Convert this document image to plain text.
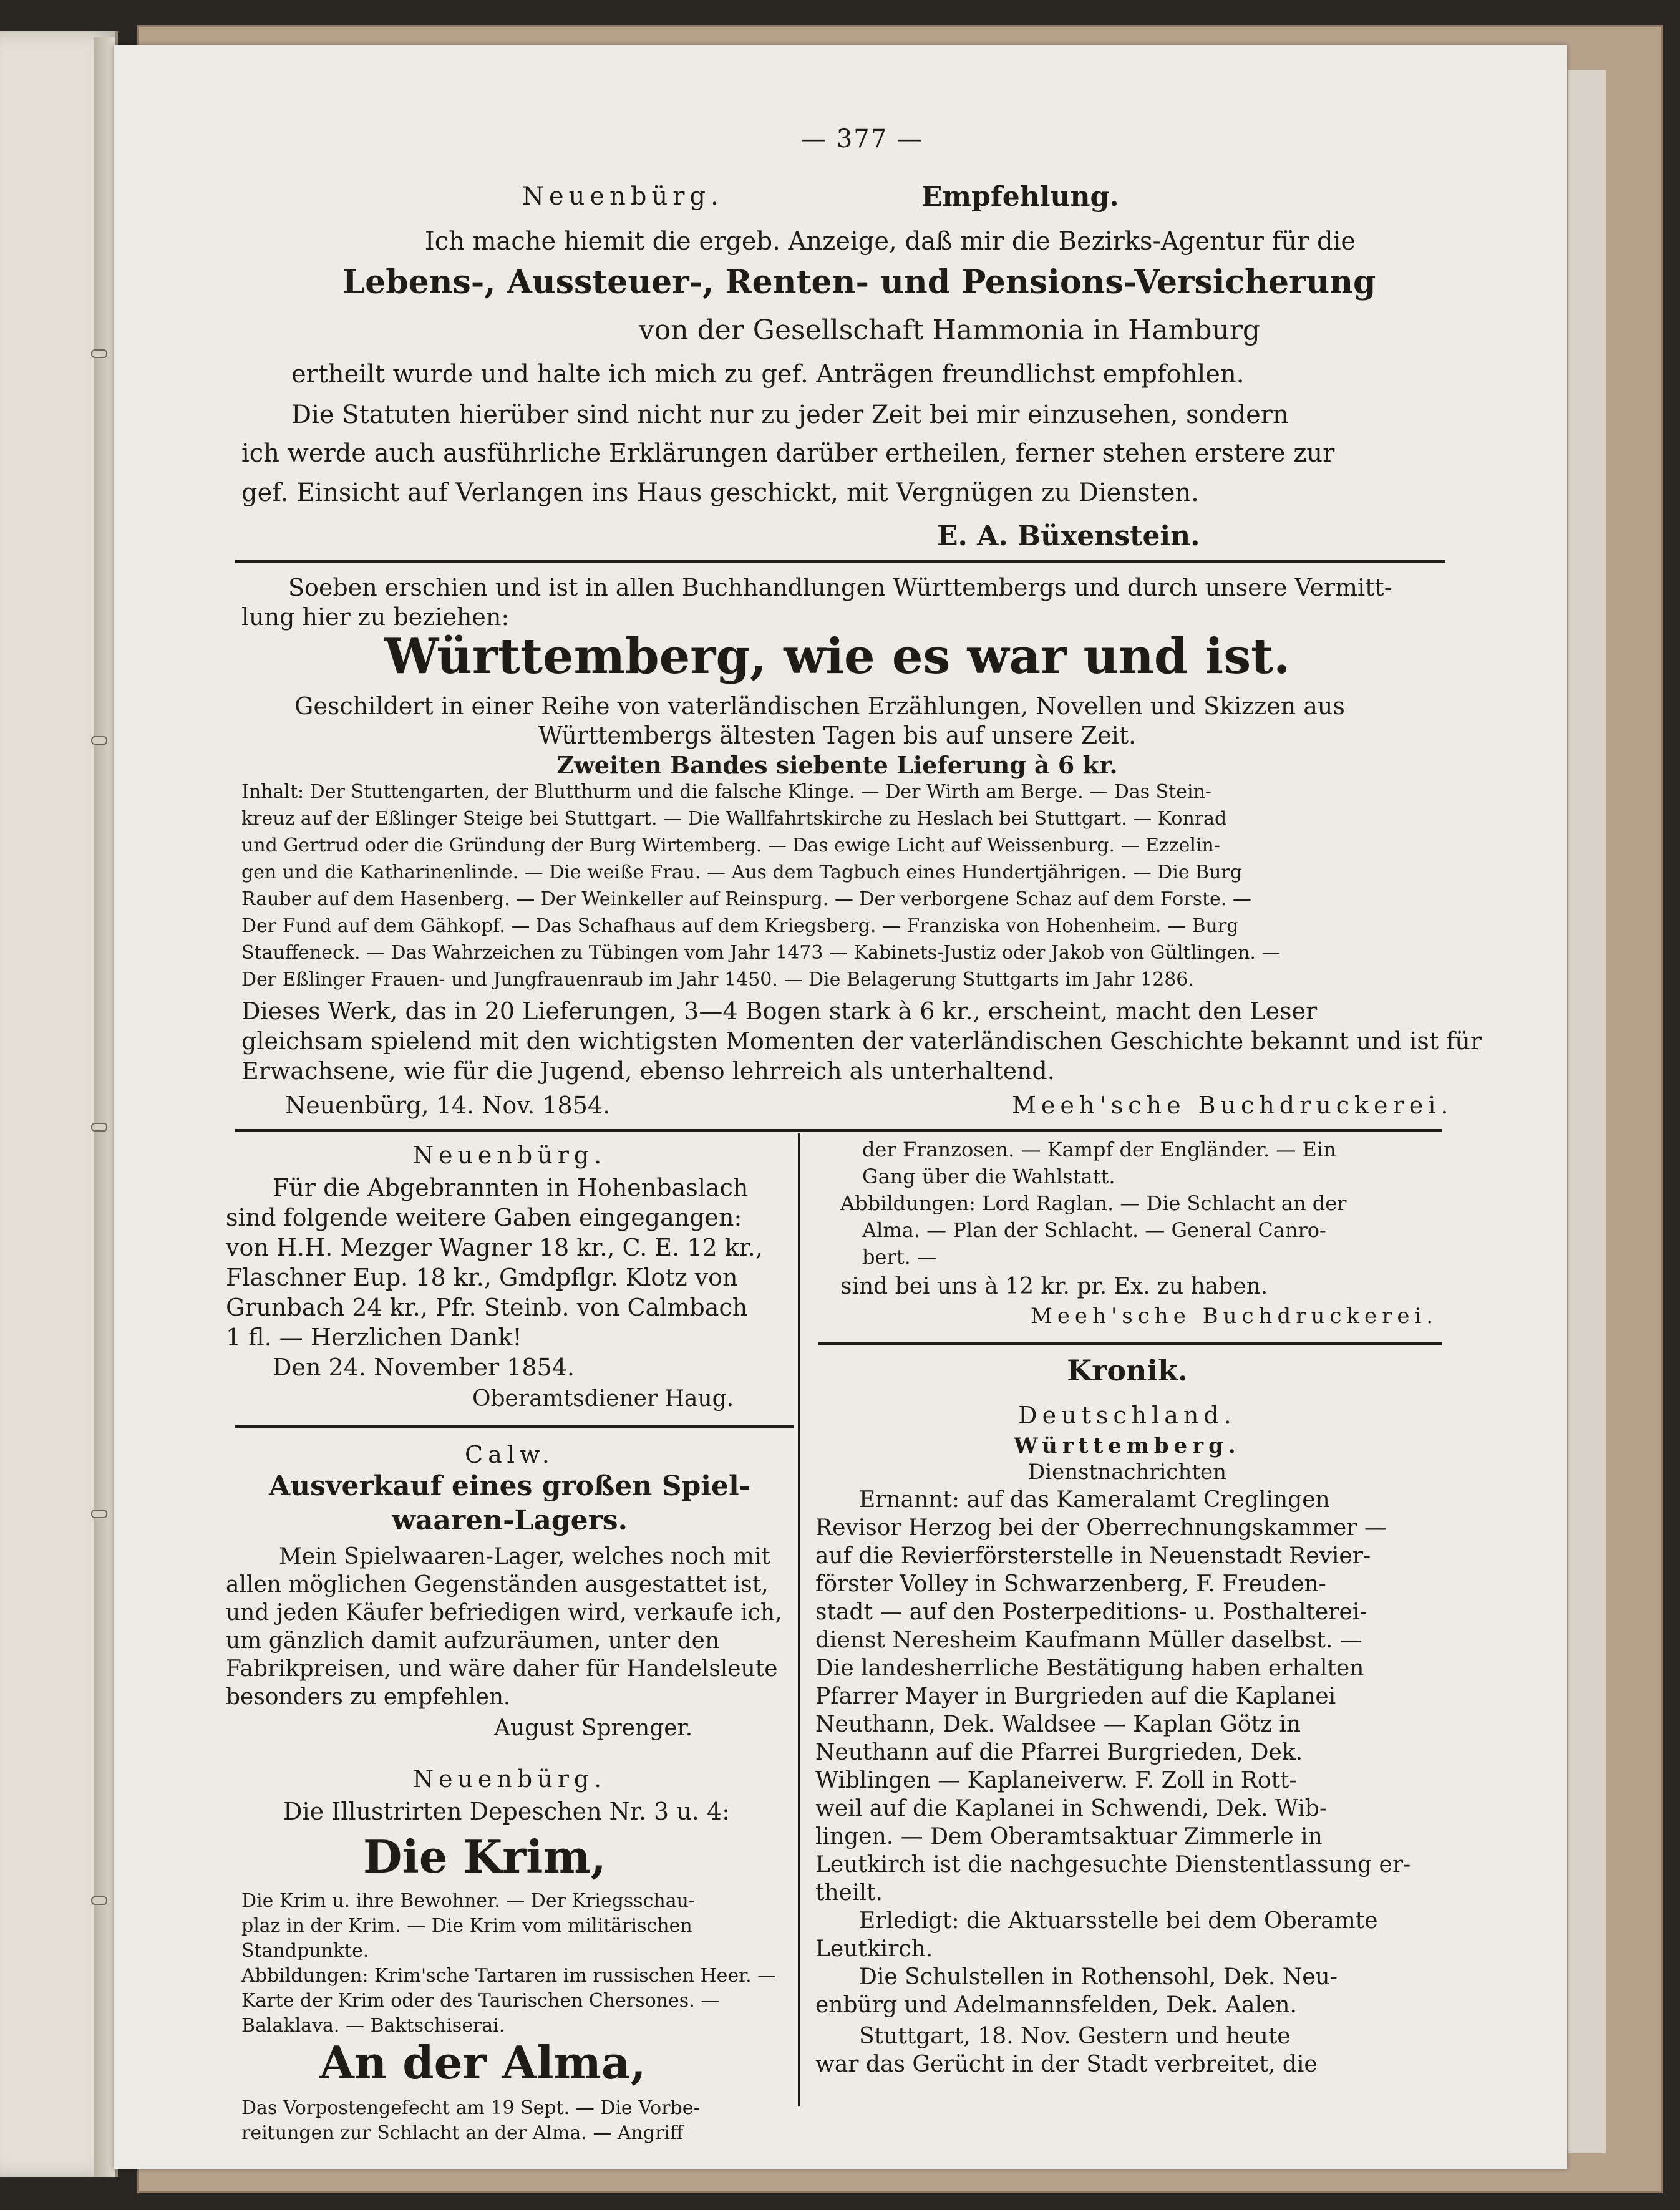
— 377 —
Neuenbürg.	Empfehlung.
Ich mache hiemit die ergeb. Anzeige, daß mir die Bezirks-Agentur für die
Lebens-, Aussteuer-, Renten- und Pensions-Versicherung
von der Gesellschaft Hammonia in Hamburg
ertheilt wurde und halte ich mich zu gef. Anträgen freundlichst empfohlen.
Die Statuten hierüber sind nicht nur zu jeder Zeit bei mir einzusehen, sondern
ich werde auch ausführliche Erklärungen darüber ertheilen, ferner stehen erstere zur
gef. Einsicht auf Verlangen ins Haus geschickt, mit Vergnügen zu Diensten.
E. A. Büxenstein.
Soeben erschien und ist in allen Buchhandlungen Württembergs und durch unsere Vermitt-
lung hier zu beziehen:
Württemberg, wie es war und ist.
Geschildert in einer Reihe von vaterländischen Erzählungen, Novellen und Skizzen aus
Württembergs ältesten Tagen bis auf unsere Zeit.
Zweiten Bandes siebente Lieferung à 6 kr.
Inhalt: Der Stuttengarten, der Blutthurm und die falsche Klinge. — Der Wirth am Berge. — Das Stein-
kreuz auf der Eßlinger Steige bei Stuttgart. — Die Wallfahrtskirche zu Heslach bei Stuttgart. — Konrad
und Gertrud oder die Gründung der Burg Wirtemberg. — Das ewige Licht auf Weissenburg. — Ezzelin-
gen und die Katharinenlinde. — Die weiße Frau. — Aus dem Tagbuch eines Hundertjährigen. — Die Burg
Rauber auf dem Hasenberg. — Der Weinkeller auf Reinspurg. — Der verborgene Schaz auf dem Forste. —
Der Fund auf dem Gähkopf. — Das Schafhaus auf dem Kriegsberg. — Franziska von Hohenheim. — Burg
Stauffeneck. — Das Wahrzeichen zu Tübingen vom Jahr 1473 — Kabinets-Justiz oder Jakob von Gültlingen. —
Der Eßlinger Frauen- und Jungfrauenraub im Jahr 1450. — Die Belagerung Stuttgarts im Jahr 1286.
Dieses Werk, das in 20 Lieferungen, 3—4 Bogen stark à 6 kr., erscheint, macht den Leser
gleichsam spielend mit den wichtigsten Momenten der vaterländischen Geschichte bekannt und ist für
Erwachsene, wie für die Jugend, ebenso lehrreich als unterhaltend.
Neuenbürg, 14. Nov. 1854.	Meeh'sche Buchdruckerei.
Neuenbürg.
Für die Abgebrannten in Hohenbaslach
sind folgende weitere Gaben eingegangen:
von H.H. Mezger Wagner 18 kr., C. E. 12 kr.,
Flaschner Eup. 18 kr., Gmdpflgr. Klotz von
Grunbach 24 kr., Pfr. Steinb. von Calmbach
1 fl. — Herzlichen Dank!
Den 24. November 1854.
Oberamtsdiener Haug.
Calw.
Ausverkauf eines großen Spiel-
waaren-Lagers.
Mein Spielwaaren-Lager, welches noch mit
allen möglichen Gegenständen ausgestattet ist,
und jeden Käufer befriedigen wird, verkaufe ich,
um gänzlich damit aufzuräumen, unter den
Fabrikpreisen, und wäre daher für Handelsleute
besonders zu empfehlen.
August Sprenger.
Neuenbürg.
Die Illustrirten Depeschen Nr. 3 u. 4:
Die Krim,
Die Krim u. ihre Bewohner. — Der Kriegsschau-
plaz in der Krim. — Die Krim vom militärischen
Standpunkte.
Abbildungen: Krim'sche Tartaren im russischen Heer. —
Karte der Krim oder des Taurischen Chersones. —
Balaklava. — Baktschiserai.
An der Alma,
Das Vorpostengefecht am 19 Sept. — Die Vorbe-
reitungen zur Schlacht an der Alma. — Angriff
der Franzosen. — Kampf der Engländer. — Ein
Gang über die Wahlstatt.
Abbildungen: Lord Raglan. — Die Schlacht an der
Alma. — Plan der Schlacht. — General Canro-
bert. —
sind bei uns à 12 kr. pr. Ex. zu haben.
Meeh'sche Buchdruckerei.
Kronik.
Deutschland.
Württemberg.
Dienstnachrichten
Ernannt: auf das Kameralamt Creglingen
Revisor Herzog bei der Oberrechnungskammer —
auf die Revierförsterstelle in Neuenstadt Revier-
förster Volley in Schwarzenberg, F. Freuden-
stadt — auf den Posterpeditions- u. Posthalterei-
dienst Neresheim Kaufmann Müller daselbst. —
Die landesherrliche Bestätigung haben erhalten
Pfarrer Mayer in Burgrieden auf die Kaplanei
Neuthann, Dek. Waldsee — Kaplan Götz in
Neuthann auf die Pfarrei Burgrieden, Dek.
Wiblingen — Kaplaneiverw. F. Zoll in Rott-
weil auf die Kaplanei in Schwendi, Dek. Wib-
lingen. — Dem Oberamtsaktuar Zimmerle in
Leutkirch ist die nachgesuchte Dienstentlassung er-
theilt.
Erledigt: die Aktuarsstelle bei dem Oberamte
Leutkirch.
Die Schulstellen in Rothensohl, Dek. Neu-
enbürg und Adelmannsfelden, Dek. Aalen.
Stuttgart, 18. Nov. Gestern und heute
war das Gerücht in der Stadt verbreitet, die
